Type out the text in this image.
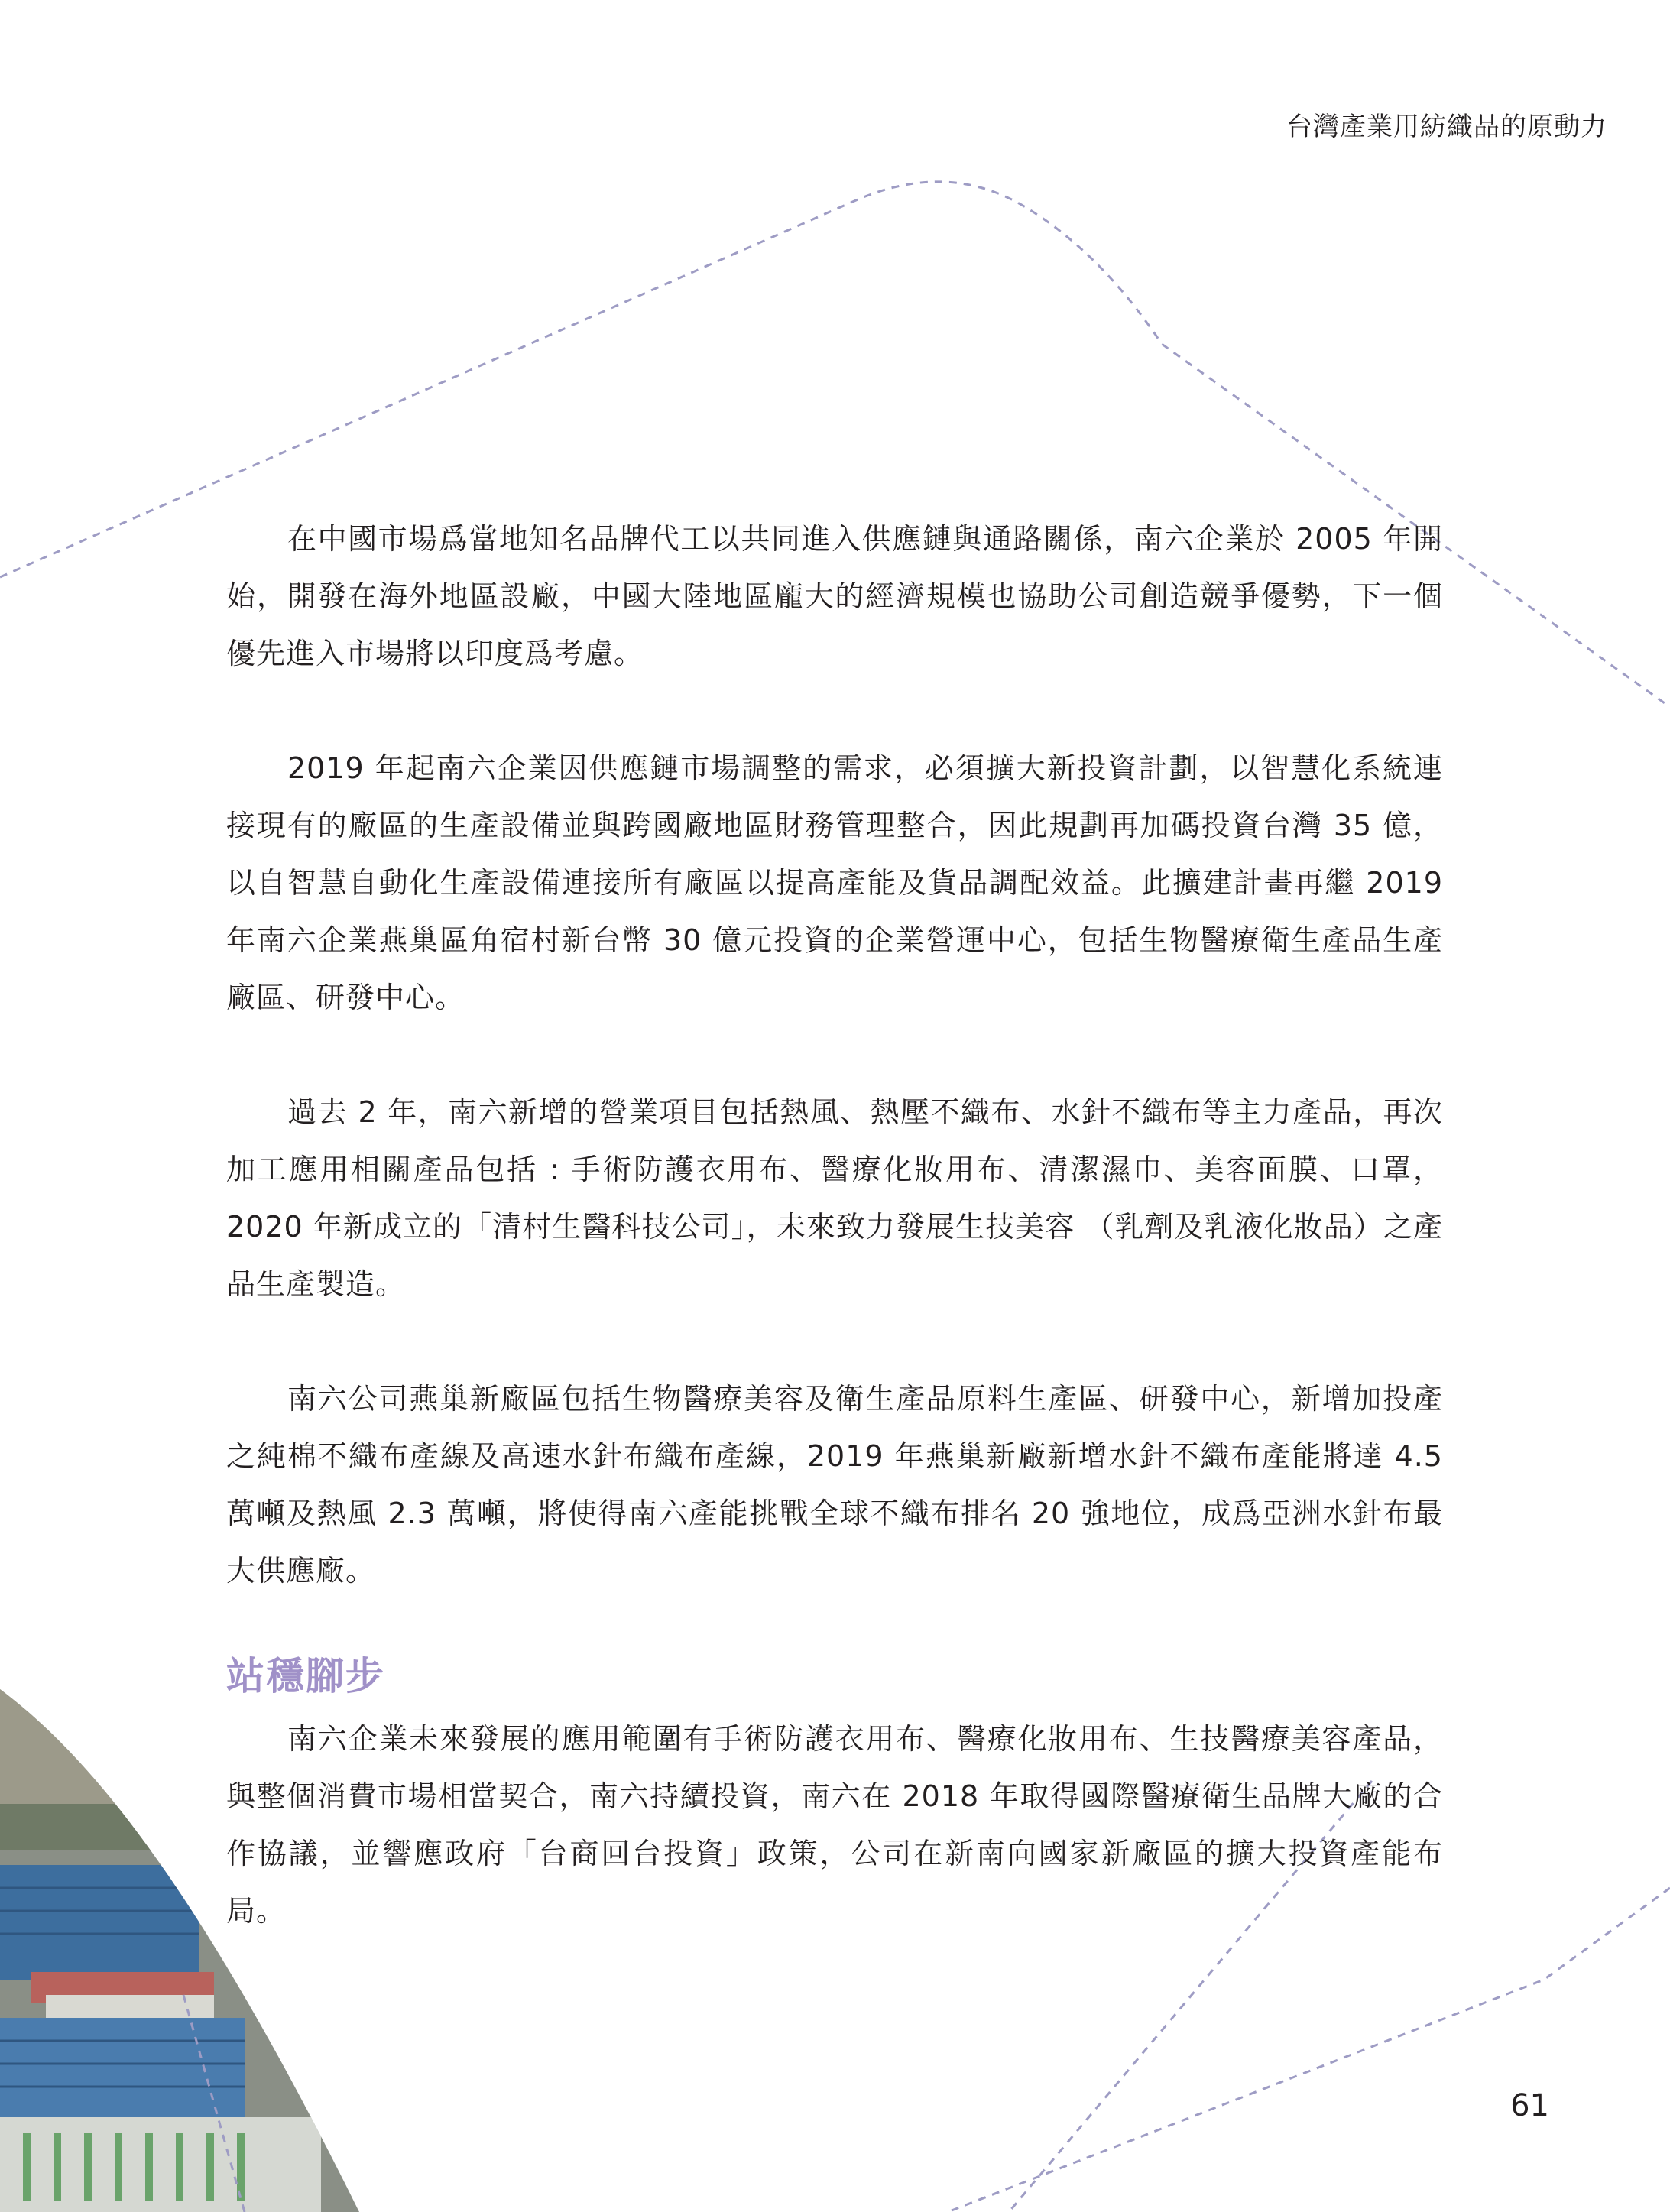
台灣產業用紡織品的原動力

在中國市場爲當地知名品牌代工以共同進入供應鏈與通路關係，南六企業於 2005 年開始，開發在海外地區設廠，中國大陸地區龐大的經濟規模也協助公司創造競爭優勢，下一個優先進入市場將以印度爲考慮。

2019 年起南六企業因供應鏈市場調整的需求，必須擴大新投資計劃，以智慧化系統連接現有的廠區的生產設備並與跨國廠地區財務管理整合，因此規劃再加碼投資台灣 35 億，以自智慧自動化生產設備連接所有廠區以提高產能及貨品調配效益。此擴建計畫再繼 2019 年南六企業燕巢區角宿村新台幣 30 億元投資的企業營運中心，包括生物醫療衛生產品生產廠區、研發中心。

過去 2 年，南六新增的營業項目包括熱風、熱壓不織布、水針不織布等主力產品，再次加工應用相關產品包括 : 手術防護衣用布、醫療化妝用布、清潔濕巾、美容面膜、口罩，2020 年新成立的「清村生醫科技公司」，未來致力發展生技美容 （乳劑及乳液化妝品）之產品生產製造。

南六公司燕巢新廠區包括生物醫療美容及衛生產品原料生產區、研發中心，新增加投產之純棉不織布產線及高速水針布織布產線，2019 年燕巢新廠新增水針不織布產能將達 4.5 萬噸及熱風 2.3 萬噸，將使得南六產能挑戰全球不織布排名 20 強地位，成爲亞洲水針布最大供應廠。

站穩腳步

南六企業未來發展的應用範圍有手術防護衣用布、醫療化妝用布、生技醫療美容產品，與整個消費市場相當契合，南六持續投資，南六在 2018 年取得國際醫療衛生品牌大廠的合作協議，並響應政府「台商回台投資」政策，公司在新南向國家新廠區的擴大投資產能布局。

61
